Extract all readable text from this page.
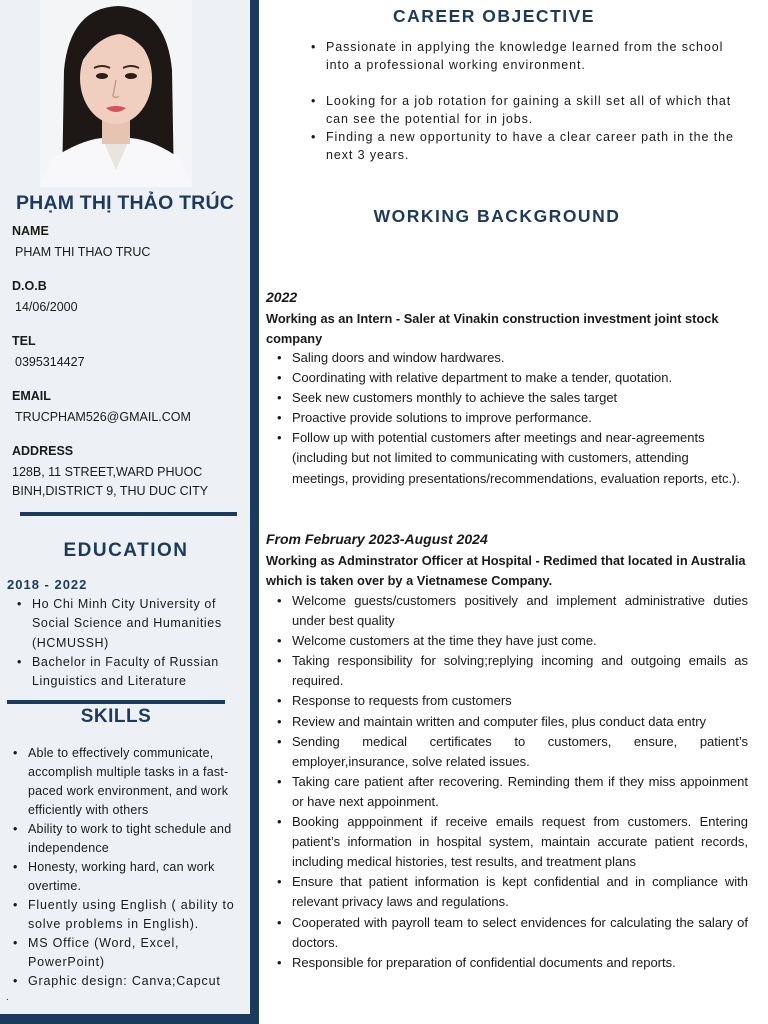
PHẠM THỊ THẢO TRÚC
NAME
PHAM THI THAO TRUC
D.O.B
14/06/2000
TEL
0395314427
EMAIL
TRUCPHAM526@GMAIL.COM
ADDRESS
128B, 11 STREET,WARD PHUOC BINH,DISTRICT 9, THU DUC CITY
EDUCATION
2018 - 2022
• Ho Chi Minh City University of Social Science and Humanities (HCMUSSH)
• Bachelor in Faculty of Russian Linguistics and Literature
SKILLS
• Able to effectively communicate, accomplish multiple tasks in a fast-paced work environment, and work efficiently with others
• Ability to work to tight schedule and independence
• Honesty, working hard, can work overtime.
• Fluently using English ( ability to solve problems in English).
• MS Office (Word, Excel, PowerPoint)
• Graphic design: Canva;Capcut
.
CAREER OBJECTIVE
• Passionate in applying the knowledge learned from the school into a professional working environment.
• Looking for a job rotation for gaining a skill set all of which that can see the potential for in jobs.
• Finding a new opportunity to have a clear career path in the the next 3 years.
WORKING BACKGROUND
2022
Working as an Intern - Saler at Vinakin construction investment joint stock company
• Saling doors and window hardwares.
• Coordinating with relative department to make a tender, quotation.
• Seek new customers monthly to achieve the sales target
• Proactive provide solutions to improve performance.
• Follow up with potential customers after meetings and near-agreements (including but not limited to communicating with customers, attending meetings, providing presentations/recommendations, evaluation reports, etc.).
From February 2023-August 2024
Working as Adminstrator Officer at Hospital - Redimed that located in Australia which is taken over by a Vietnamese Company.
• Welcome guests/customers positively and implement administrative duties under best quality
• Welcome customers at the time they have just come.
• Taking responsibility for solving;replying incoming and outgoing emails as required.
• Response to requests from customers
• Review and maintain written and computer files, plus conduct data entry
• Sending medical certificates to customers, ensure, patient’s employer,insurance, solve related issues.
• Taking care patient after recovering. Reminding them if they miss appoinment or have next appoinment.
• Booking apppoinment if receive emails request from customers. Entering patient’s information in hospital system, maintain accurate patient records, including medical histories, test results, and treatment plans
• Ensure that patient information is kept confidential and in compliance with relevant privacy laws and regulations.
• Cooperated with payroll team to select envidences for calculating the salary of doctors.
• Responsible for preparation of confidential documents and reports.
